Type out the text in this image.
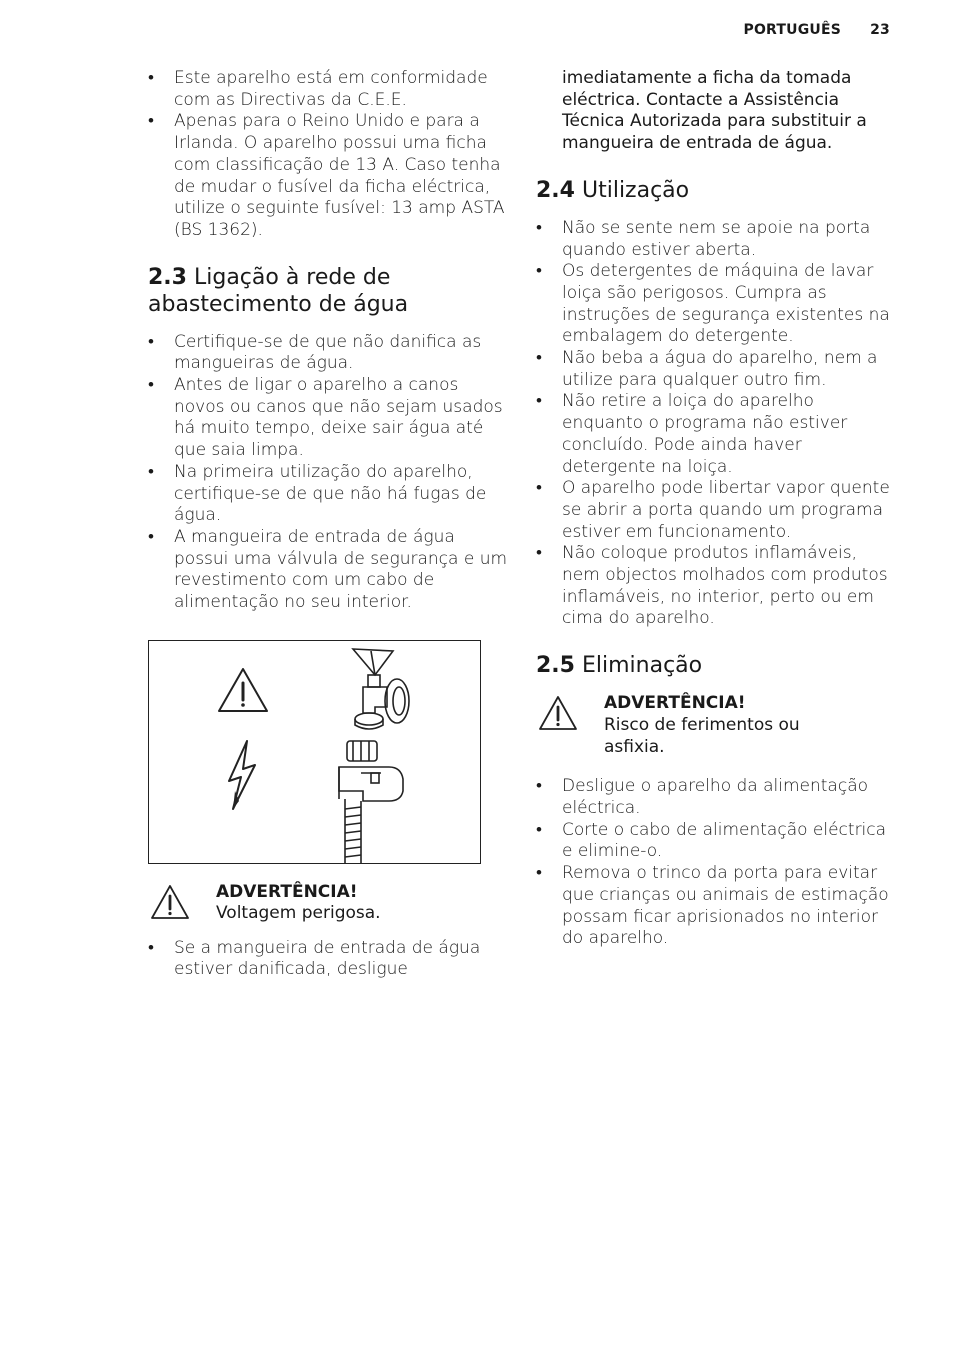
PORTUGUÊS 23
• Este aparelho está em conformidade com as Directivas da C.E.E.
• Apenas para o Reino Unido e para a Irlanda. O aparelho possui uma ficha com classificação de 13 A. Caso tenha de mudar o fusível da ficha eléctrica, utilize o seguinte fusível: 13 amp ASTA (BS 1362).
2.3 Ligação à rede de abastecimento de água
• Certifique-se de que não danifica as mangueiras de água.
• Antes de ligar o aparelho a canos novos ou canos que não sejam usados há muito tempo, deixe sair água até que saia limpa.
• Na primeira utilização do aparelho, certifique-se de que não há fugas de água.
• A mangueira de entrada de água possui uma válvula de segurança e um revestimento com um cabo de alimentação no seu interior.
ADVERTÊNCIA!
Voltagem perigosa.
• Se a mangueira de entrada de água estiver danificada, desligue

imediatamente a ficha da tomada eléctrica. Contacte a Assistência Técnica Autorizada para substituir a mangueira de entrada de água.

2.4 Utilização
• Não se sente nem se apoie na porta quando estiver aberta.
• Os detergentes de máquina de lavar loiça são perigosos. Cumpra as instruções de segurança existentes na embalagem do detergente.
• Não beba a água do aparelho, nem a utilize para qualquer outro fim.
• Não retire a loiça do aparelho enquanto o programa não estiver concluído. Pode ainda haver detergente na loiça.
• O aparelho pode libertar vapor quente se abrir a porta quando um programa estiver em funcionamento.
• Não coloque produtos inflamáveis, nem objectos molhados com produtos inflamáveis, no interior, perto ou em cima do aparelho.
2.5 Eliminação
ADVERTÊNCIA!
Risco de ferimentos ou asfixia.
• Desligue o aparelho da alimentação eléctrica.
• Corte o cabo de alimentação eléctrica e elimine-o.
• Remova o trinco da porta para evitar que crianças ou animais de estimação possam ficar aprisionados no interior do aparelho.
